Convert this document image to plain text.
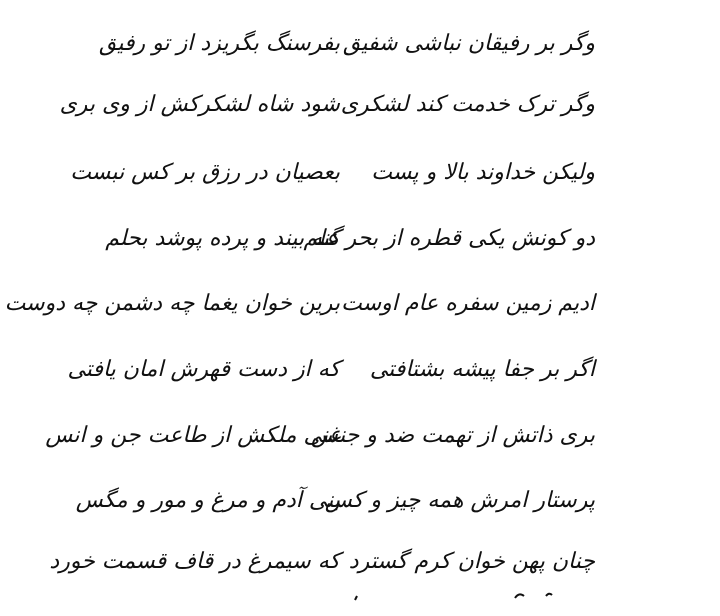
وگر بر رفیقان نباشی شفیق
بفرسنگ بگریزد از تو رفیق
وگر ترک خدمت کند لشکری
شود شاه لشکرکش از وی بری
ولیکن خداوند بالا و پست
بعصیان در رزق بر کس نبست
دو کونش یکی قطره از بحر علم
گنه بیند و پرده پوشد بحلم
ادیم زمین سفره عام اوست
برین خوان یغما چه دشمن چه دوست
اگر بر جفا پیشه بشتافتی
که از دست قهرش امان یافتی
بری ذاتش از تهمت ضد و جنس
غنی ملکش از طاعت جن و انس
پرستار امرش همه چیز و کس
بنی آدم و مرغ و مور و مگس
چنان پهن خوان کرم گسترد
که سیمرغ در قاف قسمت خورد
